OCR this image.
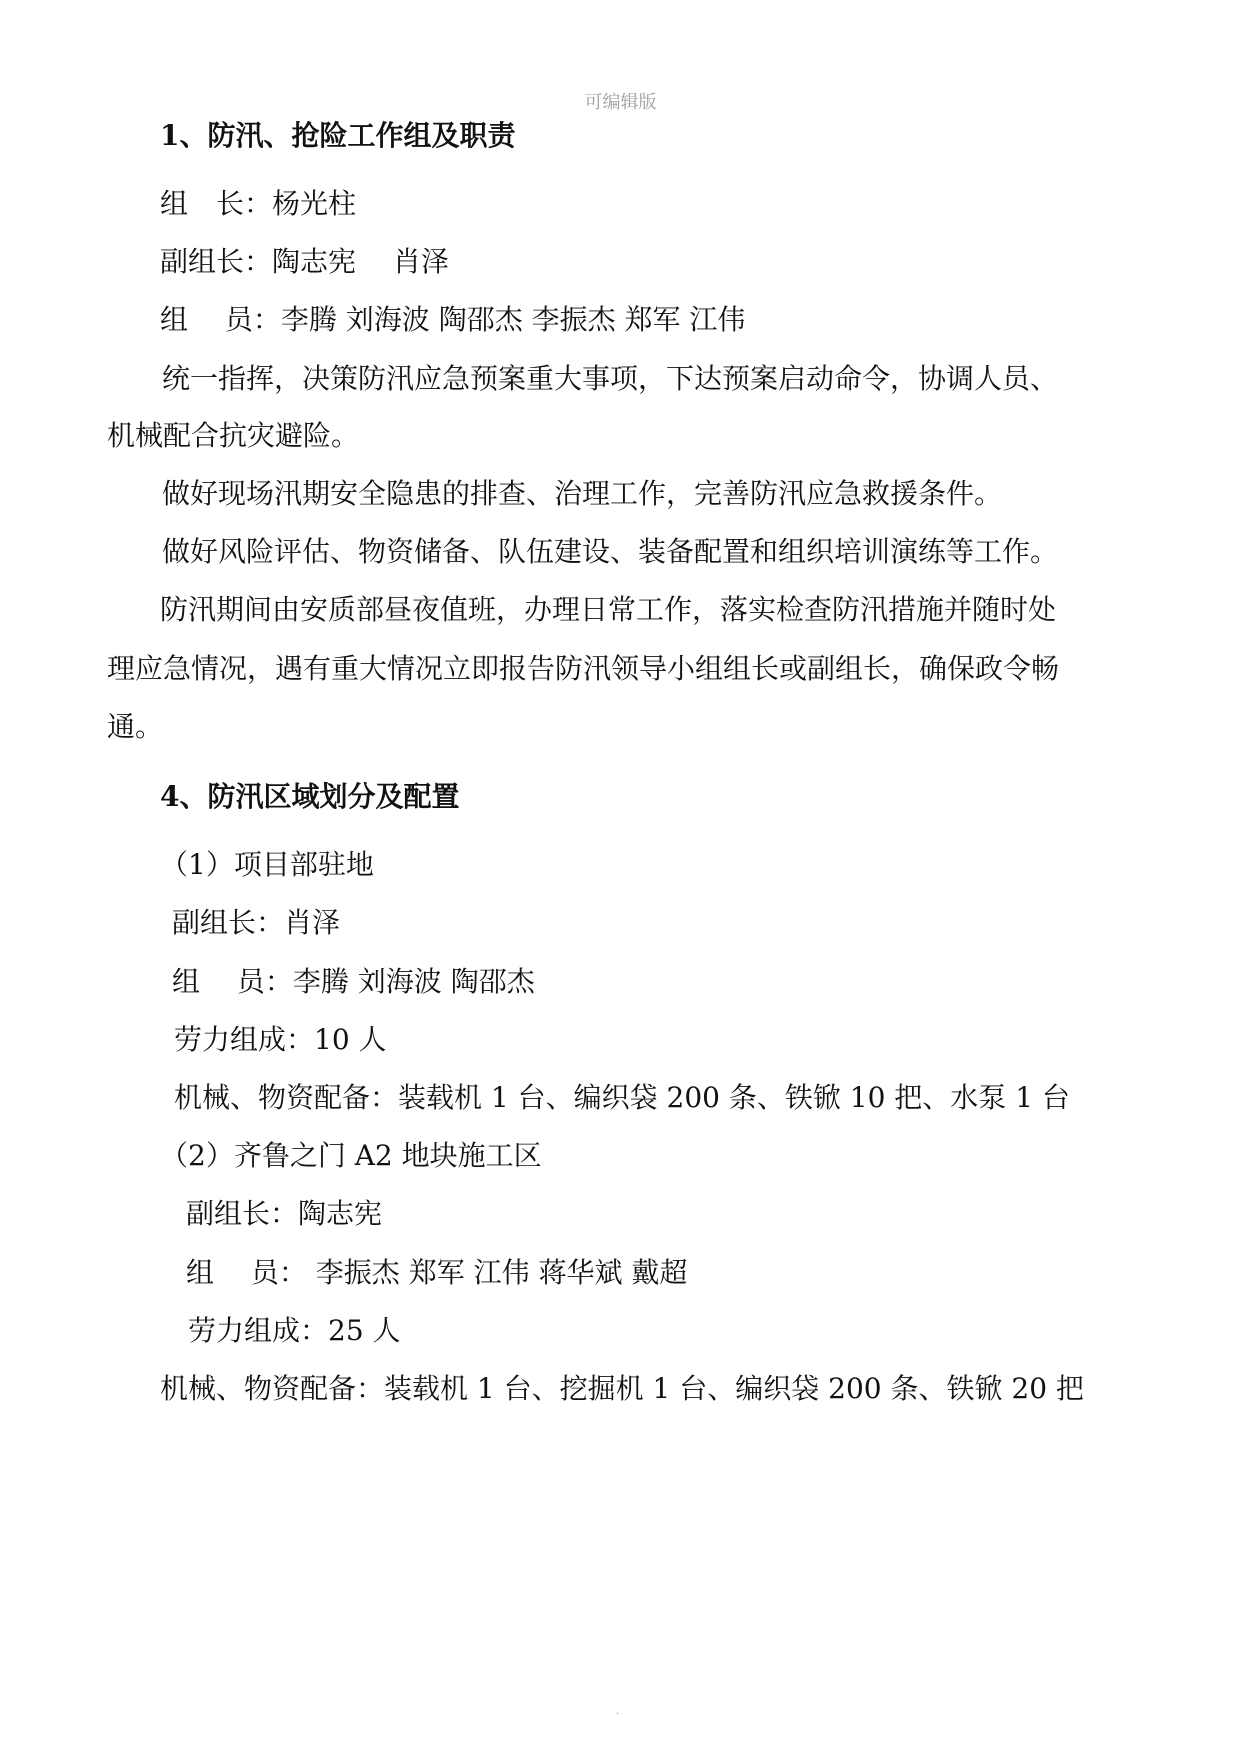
可编辑版
1、防汛、抢险工作组及职责
组　长：杨光柱
副组长：陶志宪　 肖泽
组　 员：李腾 刘海波 陶邵杰 李振杰 郑军 江伟
统一指挥，决策防汛应急预案重大事项，下达预案启动命令，协调人员、
机械配合抗灾避险。
做好现场汛期安全隐患的排查、治理工作，完善防汛应急救援条件。
做好风险评估、物资储备、队伍建设、装备配置和组织培训演练等工作。
防汛期间由安质部昼夜值班，办理日常工作，落实检查防汛措施并随时处
理应急情况，遇有重大情况立即报告防汛领导小组组长或副组长，确保政令畅
通。
4、防汛区域划分及配置
（1）项目部驻地
副组长：肖泽
组　 员：李腾 刘海波 陶邵杰
劳力组成：10 人
机械、物资配备：装载机 1 台、编织袋 200 条、铁锨 10 把、水泵 1 台
（2）齐鲁之门 A2 地块施工区
副组长：陶志宪
组　 员： 李振杰 郑军 江伟 蒋华斌 戴超
劳力组成：25 人
机械、物资配备：装载机 1 台、挖掘机 1 台、编织袋 200 条、铁锨 20 把
.
